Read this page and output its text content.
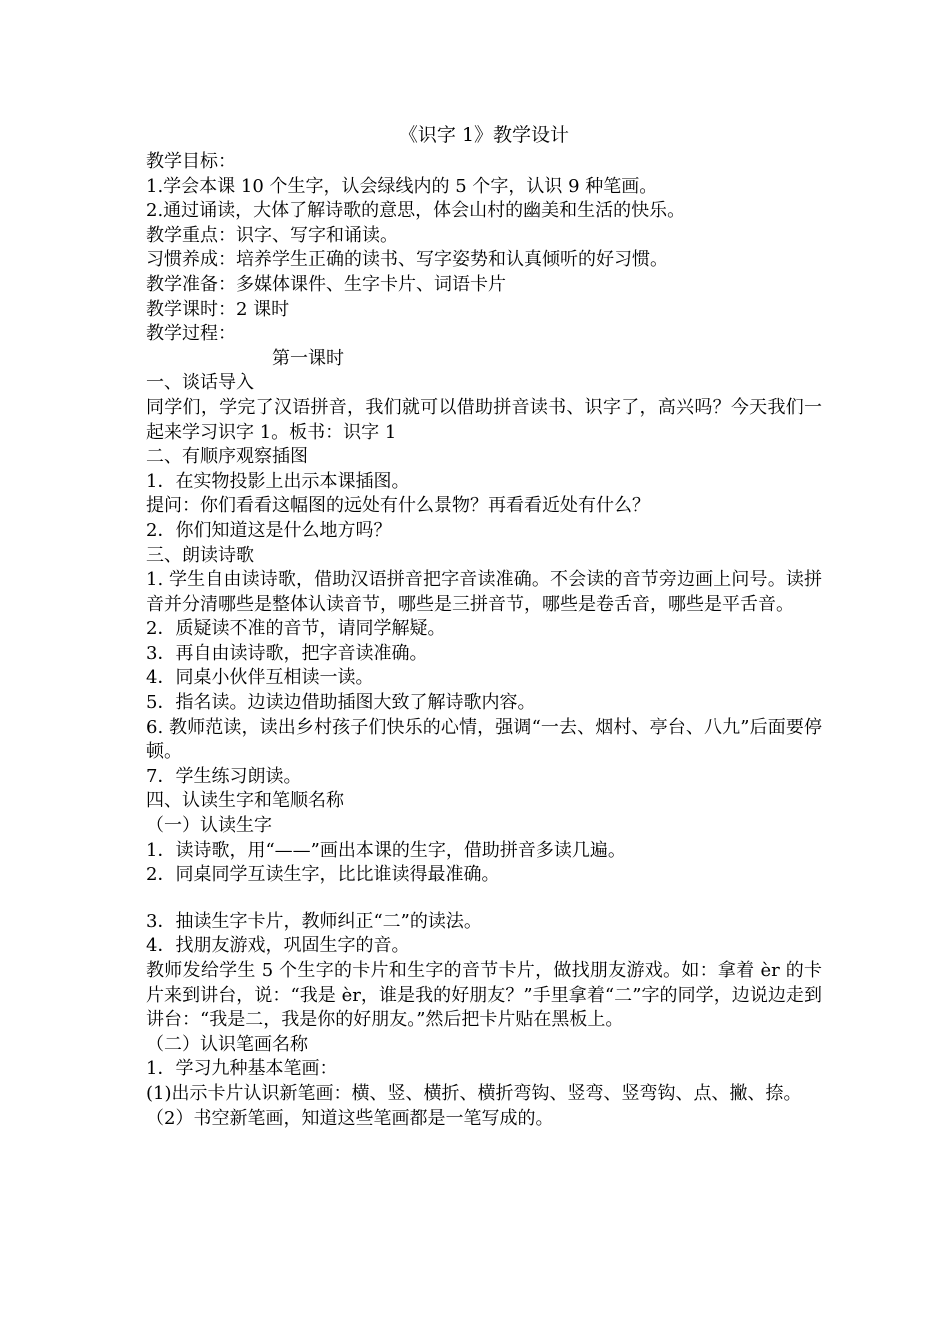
《识字 1》教学设计

教学目标：

1.学会本课 10 个生字，认会绿线内的 5 个字，认识 9 种笔画。

2.通过诵读，大体了解诗歌的意思，体会山村的幽美和生活的快乐。

教学重点：识字、写字和诵读。

习惯养成：培养学生正确的读书、写字姿势和认真倾听的好习惯。

教学准备：多媒体课件、生字卡片、词语卡片

教学课时：2 课时

教学过程：

第一课时

一、谈话导入

同学们，学完了汉语拼音，我们就可以借助拼音读书、识字了，高兴吗？今天我们一起来学习识字 1。板书：识字 1

二、有顺序观察插图

1．在实物投影上出示本课插图。

提问：你们看看这幅图的远处有什么景物？再看看近处有什么？

2．你们知道这是什么地方吗？

三、朗读诗歌

1. 学生自由读诗歌，借助汉语拼音把字音读准确。不会读的音节旁边画上问号。读拼音并分清哪些是整体认读音节，哪些是三拼音节，哪些是卷舌音，哪些是平舌音。

2．质疑读不准的音节，请同学解疑。

3．再自由读诗歌，把字音读准确。

4．同桌小伙伴互相读一读。

5．指名读。边读边借助插图大致了解诗歌内容。

6. 教师范读，读出乡村孩子们快乐的心情，强调“一去、烟村、亭台、八九”后面要停顿。

7．学生练习朗读。

四、认读生字和笔顺名称

（一）认读生字

1．读诗歌，用“——”画出本课的生字，借助拼音多读几遍。

2．同桌同学互读生字，比比谁读得最准确。

3．抽读生字卡片，教师纠正“二”的读法。

4．找朋友游戏，巩固生字的音。

教师发给学生 5 个生字的卡片和生字的音节卡片，做找朋友游戏。如：拿着 èr 的卡片来到讲台，说：“我是 èr，谁是我的好朋友？”手里拿着“二”字的同学，边说边走到讲台：“我是二，我是你的好朋友。”然后把卡片贴在黑板上。

（二）认识笔画名称

1．学习九种基本笔画：

(1)出示卡片认识新笔画：横、竖、横折、横折弯钩、竖弯、竖弯钩、点、撇、捺。

（2）书空新笔画，知道这些笔画都是一笔写成的。
